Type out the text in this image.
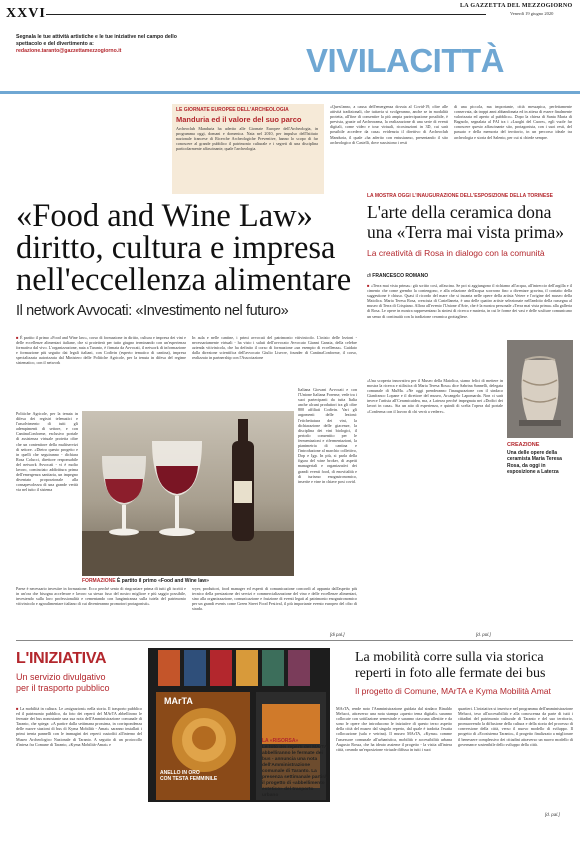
XXVI	LA GAZZETTA DEL MEZZOGIORNO
Venerdì 19 giugno 2020
Segnala le tue attività artistiche e le tue iniziative nel campo dello spettacolo e del divertimento a:
redazione.taranto@gazzettamezzogiorno.it	VIVILACITTÀ
LE GIORNATE EUROPEE DELL'ARCHEOLOGIA
Manduria ed il valore del suo parco
Archeoclub Manduria ha aderito alle Giornate Europee dell'Archeologia, in programma oggi, domani e domenica. Nata nel 2010, per impulso dell'Istituto nazionale francese di Ricerche Archeologiche Preventive, hanno lo scopo di far conoscere al grande pubblico il patrimonio culturale e i segreti di una disciplina particolarmente affascinante, quale l'archeologia.
«Quest'anno, a causa dell'emergenza dovuta al Covid-19, oltre alle attività tradizionali, che tuttavia si svolgeranno, anche se in modalità protetta, all'fine di consentire la più ampia partecipazione possibile, è prevista, grazie ad Archeorama, la realizzazione di una serie di eventi digitali, come video e tour virtuali, ricostruzioni in 3D, cui sarà possibile accedere da casa» evidenzia il direttivo di Archeoclub Manduria, il quale «ha aderito con entusiasmo, presentando il sito archeologico di Castelli, dove sussistono i resti
di una piccola, ma importante, città messapica, perfettamente conservata, da troppi anni abbandonata ed in attesa di essere finalmente valorizzata ed aperto al pubblico». Dopo la chiesa di Santa Maria di Bagnolo, segnalata al FAI tra i «Luoghi del Cuore», egli vuole far conoscere questo affascinante sito, protagonista, con i suoi resti, del passato e della memoria del territorio, in un percorso ideale tra archeologia e storia del Salento, per cui si chiede sempre.
«Food and Wine Law»
diritto, cultura e impresa
nell'eccellenza alimentare
Il network Avvocati: «Investimento nel futuro»
■ È partito il primo «Food and Wine law», corso di formazione in diritto, cultura e impresa dei vini e delle eccellenze alimentari italiane, che si proietterà per tutto giugno terminando con un'esperienza formativa dal vivo. L'organizzazione, nata a Taranto, è firmata da Avvocati, il network di informazione e formazione più seguito dai legali italiani, con Codivin (esperto tematico di cantina), impresa specializzata autorizzata dal Ministero delle Politiche Agricole, per la tenuta in difesa del regime sistematico, con il network
Politiche Agricole, per la tenuta in difesa dei registri telematici e l'assolvimento di tutti gli adempimenti di settore, e con CantinaConforme, esclusivo portale di assistenza virtuale protetta oltre che un contenitore della multiservizi di settore. «Dietro questo progetto e in quelli che seguiranno - dichiara Rosa Colucci, direttore responsabile del network Avvocati - vi è molto lavoro, cominciato addirittura prima dell'emergenza sanitaria, un impegno diventato proporzionale alla consapevolezza di una grande verità via nel tutto il sistema
Paese è necessario investire in formazione. Ecco perché sento di ringraziare prima di tutti gli iscritti e in un'ora che bisogna accelerare e lavoro su stesso fuso del nostro migliore e più saggio possibile, investendo sulla loro professionalità e cementando con lungimiranza sulla tutela del patrimonio vitivinicolo e agroalimentare italiano di cui diventeranno promotori protagonisti».
In aula e nelle cantine, i primi avvocati del patrimonio vitivinicolo. L'inizio delle lezioni - necessariamente virtuali - ha visto i saluti dell'avvocato Avvocato Gianni Ganzia, della celebre azienda vitivinicola, che ha definito il corso di formazione «un esempio di eccellenza». Guidato dalla direzione scientifica dell'avvocato Giulio Lisecre, founder di CantinaConforme, il corso, realizzato in partnership con l'Associazione
Italiana Giovani Avvocati e con l'Unione Italiana Forense, vede tra i suoi partecipanti da tutta Italia anche alcuni produttori tra gli oltre 800 affiliati Codivin. Vari gli argomenti delle lezioni: l'etichettatura dei vini, la dichiarazione delle giacenze, la disciplina dei vini biologici, il periodo consentito per le fermentazioni e rifermentazioni, la pianimetria di cantina e l'introduzione al marchio collettivo, Dop e Igp. In più, si parla della figura del wine broker, di aspetti manageriali e organizzativi dei grandi eventi food, di enovitalità e di turismo enogastronomico, inserite e vine in chiave post covid.
wyer, produttori, food manager ed esperti di comunicazione concordi al appunta dall'aspetto più tecnico della prestazione dei servizi e commercializzazione del vino e delle eccellenze alimentari, sino alla organizzazione, comunicazione e fruizione di eventi legati al patrimonio enogastronomico per un grandi events come Green Street Food Festival, il più importante evento europeo del cibo di strada.
[di pal.]
FORMAZIONE È partito il primo «Food and Wine law»
LA MOSTRA OGGI L'INAUGURAZIONE DELL'ESPOSIZIONE DELLA TORINESE
L'arte della ceramica dona
una «Terra mai vista prima»
La creatività di Rosa in dialogo con la comunità
di FRANCESCO ROMANO
■ «Terra mai vista prima»: già scritto così, affascina. Se poi si aggiungono il richiamo all'acqua, all'intreccio dell'argilla e il cimento che come grembo la contengono, e alla relazione dell'acqua scorrono fino a diventare gravina, il contatto della suggestione è chiuso. Quasi il ricordo del mare che si incanta nelle opere della artista Vetere e l'origine del museo della Maiolica. Maria Teresa Rosa, cresciuta di Castellaneta, è una delle quattro artiste selezionate nell'ambito della rassegna al museo di Terra di Crispiano. Allora all'evento l'Unione d'Arte, che è la mostra personale «Terra mai vista prima» alla galleria di Rosa. Le opere in mostra rappresentano la sintesi di ricerca e materia, in cui le forme dei vasi e delle sculture comunicano un senso di continuità con la tradizione ceramica grottagliese.
«Una scoperta innovativa per il Museo della Maiolica, siamo felici di mettere in mostra la ricerca e stilistica di Maria Teresa Rosa» dice Sabrina Sannelli, delegata comunale di MuMa. «Ne oggi prenderanno l'inaugurazione con il sindaco Gianfranco Lopane e il direttore del museo, Arcangelo Lapomarda. Non ci sarà invece l'artista all'Ceramicaidea, ma, a Laterza perché impegnata nei «Dodici dei lavori in casa». Sia un atto di esperienza, e quindi di scelta l'opera dal portale «Conferma con il lavoro di chi verrà a vedere».
CREAZIONE
Una delle opere della ceramista Maria Teresa Rosa, da oggi in esposizione a Laterza
[d. pol.]
L'INIZIATIVA
Un servizio divulgativo
per il trasporto pubblico
MArTA
ANELLO IN ORO
CON TESTA FEMMINILE
LA «RISORSA»
Le foto dei reperti del MArTA abbelliranno le fermate dei bus - annuncia una nota dell'Amministrazione comunale di Taranto. La presenza settimanale partirà il progetto di «abbellimento estetico» del trasporto urbano
La mobilità corre sulla via storica
reperti in foto alle fermate dei bus
Il progetto di Comune, MArTA e Kyma Mobilità Amat
■ La mobilità in cultura. Le «migrazioni» nella storia. Il trasporto pubblico ed il patrimonio pubblico, da foto dei reperti del MArTA abbellirono le fermate dei bus nonostante una sua nota dell'Amministrazione comunale di Taranto, che spiega: «A partire dalla settimana prossima, in corrispondenza delle nuove stazioni di bus di Kyma Mobilità - Amat» saranno installati i primi trenta pannelli con le immagini dei reperti custoditi all'interno del Museo Archeologico Nazionale di Taranto. A seguito di un protocollo d'intesa fra Comune di Taranto, «Kyma Mobilità-Amat» e
MArTA, rende noto l'Amministrazione guidata dal sindaco Rinaldo Melucci, attraverso una nota stampa «questo tema digitali» saranno collocate con sottilazione semestrale e saranno ciascuna allestite e da sono le opere che introducono le iniziative di questo terzo aspetto della città del museo dal singolo reperto, dal quale è tradotta l'esatta collocazione (sala e vetrina). Il museo MArTA, «Kyma» comme l'assessore comunale all'urbanistica, mobilità e accessibilità urbana Augusto Rossa, che ha ideato assieme il progetto - la visita all'intera città, creando un'esposizione virtuale diffusa in tutti i suoi
quartieri. L'iniziativa si inserisce nel programma dell'amministrazione Melucci, teso all'accessibilità e alla conoscenza da parte di tutti i cittadini del patrimonio culturale di Taranto e del suo territorio, promuovendo la diffusione della cultura e della storia del processo di conversione della città, verso il nuovo modello di sviluppo. Il progetto di «Ecosistema Taranto», il progetto finalizzato a migliorare il benessere complessivo dei cittadini attraverso un nuovo modello di governance sostenibile dello sviluppo della città.
[d. pal.]
